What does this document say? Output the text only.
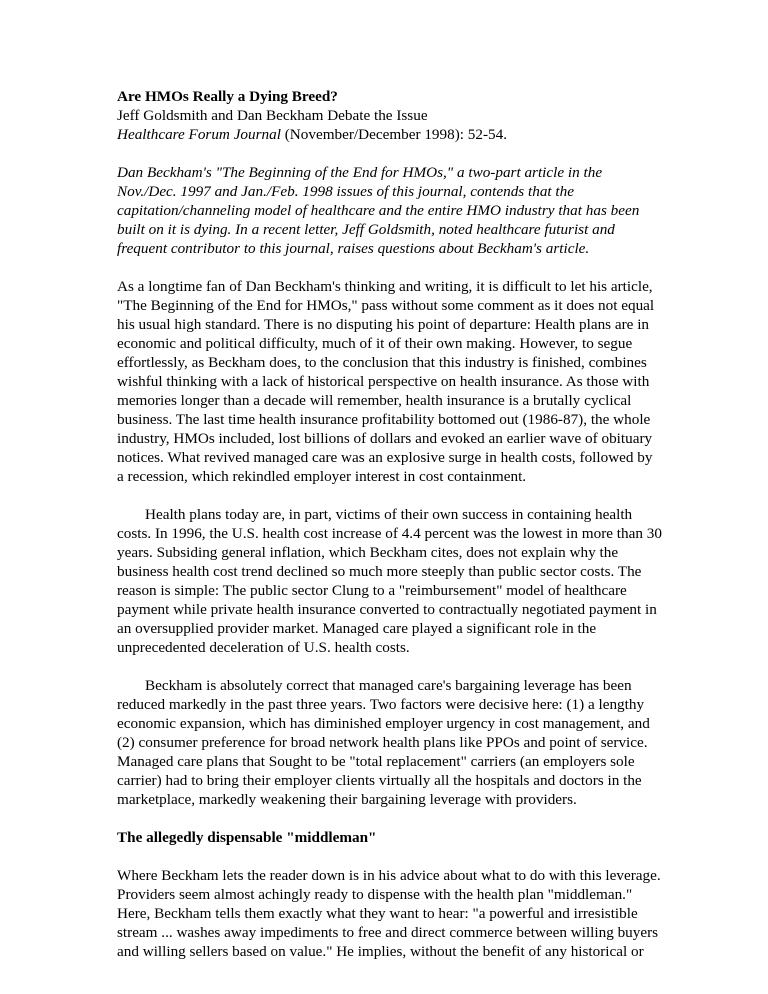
Are HMOs Really a Dying Breed?

Jeff Goldsmith and Dan Beckham Debate the Issue

Healthcare Forum Journal (November/December 1998): 52-54.

Dan Beckham's "The Beginning of the End for HMOs," a two-part article in the Nov./Dec. 1997 and Jan./Feb. 1998 issues of this journal, contends that the capitation/channeling model of healthcare and the entire HMO industry that has been built on it is dying. In a recent letter, Jeff Goldsmith, noted healthcare futurist and frequent contributor to this journal, raises questions about Beckham's article.

As a longtime fan of Dan Beckham's thinking and writing, it is difficult to let his article, "The Beginning of the End for HMOs," pass without some comment as it does not equal his usual high standard. There is no disputing his point of departure: Health plans are in economic and political difficulty, much of it of their own making. However, to segue effortlessly, as Beckham does, to the conclusion that this industry is finished, combines wishful thinking with a lack of historical perspective on health insurance. As those with memories longer than a decade will remember, health insurance is a brutally cyclical business. The last time health insurance profitability bottomed out (1986-87), the whole industry, HMOs included, lost billions of dollars and evoked an earlier wave of obituary notices. What revived managed care was an explosive surge in health costs, followed by a recession, which rekindled employer interest in cost containment.

Health plans today are, in part, victims of their own success in containing health costs. In 1996, the U.S. health cost increase of 4.4 percent was the lowest in more than 30 years. Subsiding general inflation, which Beckham cites, does not explain why the business health cost trend declined so much more steeply than public sector costs. The reason is simple: The public sector Clung to a "reimbursement" model of healthcare payment while private health insurance converted to contractually negotiated payment in an oversupplied provider market. Managed care played a significant role in the unprecedented deceleration of U.S. health costs.

Beckham is absolutely correct that managed care's bargaining leverage has been reduced markedly in the past three years. Two factors were decisive here: (1) a lengthy economic expansion, which has diminished employer urgency in cost management, and (2) consumer preference for broad network health plans like PPOs and point of service. Managed care plans that Sought to be "total replacement" carriers (an employers sole carrier) had to bring their employer clients virtually all the hospitals and doctors in the marketplace, markedly weakening their bargaining leverage with providers.

The allegedly dispensable "middleman"

Where Beckham lets the reader down is in his advice about what to do with this leverage. Providers seem almost achingly ready to dispense with the health plan "middleman." Here, Beckham tells them exactly what they want to hear: "a powerful and irresistible stream ... washes away impediments to free and direct commerce between willing buyers and willing sellers based on value." He implies, without the benefit of any historical or
